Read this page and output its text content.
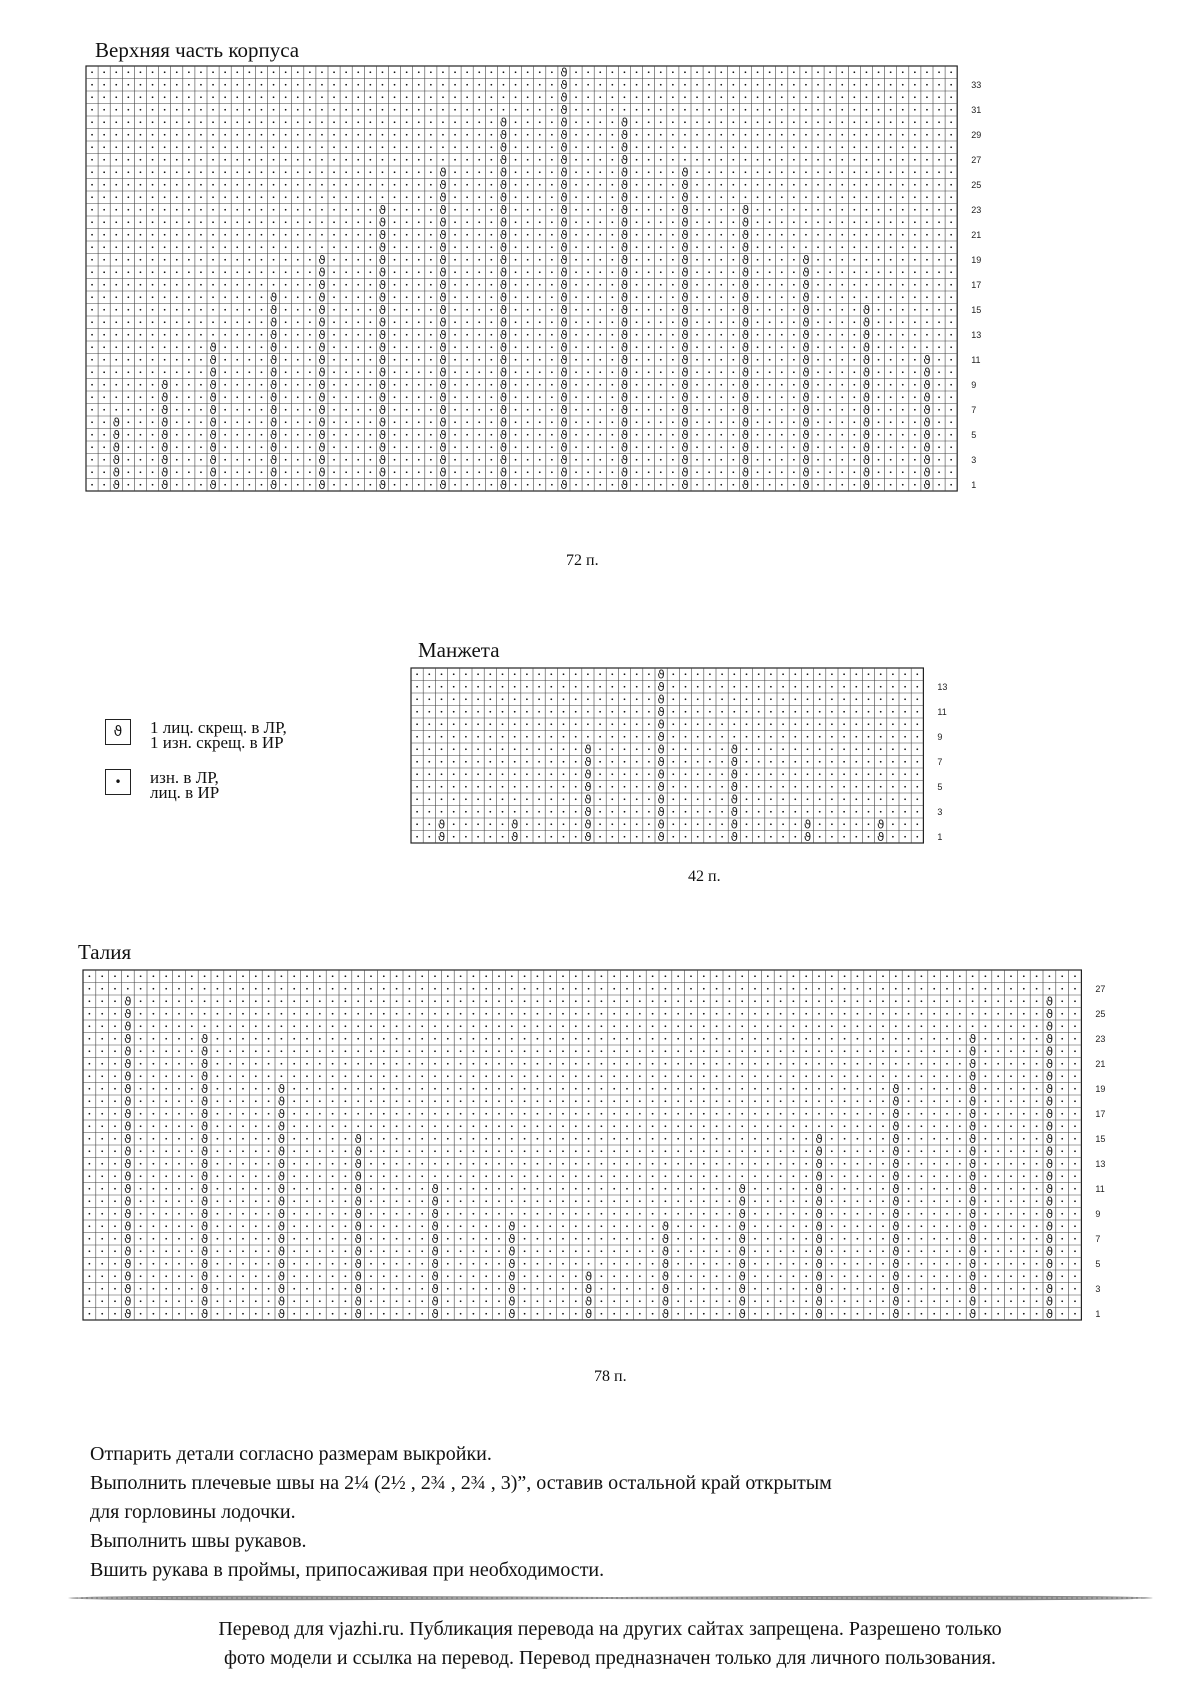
Верхняя часть корпуса
ϑ
ϑ
ϑ
ϑ
ϑ
ϑ
ϑ
ϑ
ϑ
ϑ
ϑ
ϑ
ϑ
ϑ
ϑ
ϑ
ϑ
ϑ
ϑ
ϑ
ϑ
ϑ
ϑ
ϑ
ϑ
ϑ
ϑ
ϑ
ϑ
ϑ
ϑ
ϑ
ϑ
ϑ
ϑ
ϑ
ϑ
ϑ
ϑ
ϑ
ϑ
ϑ
ϑ
ϑ
ϑ
ϑ
ϑ
ϑ
ϑ
ϑ
ϑ
ϑ
ϑ
ϑ
ϑ
ϑ
ϑ
ϑ
ϑ
ϑ
ϑ
ϑ
ϑ
ϑ
ϑ
ϑ
ϑ
ϑ
ϑ
ϑ
ϑ
ϑ
ϑ
ϑ
ϑ
ϑ
ϑ
ϑ
ϑ
ϑ
ϑ
ϑ
ϑ
ϑ
ϑ
ϑ
ϑ
ϑ
ϑ
ϑ
ϑ
ϑ
ϑ
ϑ
ϑ
ϑ
ϑ
ϑ
ϑ
ϑ
ϑ
ϑ
ϑ
ϑ
ϑ
ϑ
ϑ
ϑ
ϑ
ϑ
ϑ
ϑ
ϑ
ϑ
ϑ
ϑ
ϑ
ϑ
ϑ
ϑ
ϑ
ϑ
ϑ
ϑ
ϑ
ϑ
ϑ
ϑ
ϑ
ϑ
ϑ
ϑ
ϑ
ϑ
ϑ
ϑ
ϑ
ϑ
ϑ
ϑ
ϑ
ϑ
ϑ
ϑ
ϑ
ϑ
ϑ
ϑ
ϑ
ϑ
ϑ
ϑ
ϑ
ϑ
ϑ
ϑ
ϑ
ϑ
ϑ
ϑ
ϑ
ϑ
ϑ
ϑ
ϑ
ϑ
ϑ
ϑ
ϑ
ϑ
ϑ
ϑ
ϑ
ϑ
ϑ
ϑ
ϑ
ϑ
ϑ
ϑ
ϑ
ϑ
ϑ
ϑ
ϑ
ϑ
ϑ
ϑ
ϑ
ϑ
ϑ
ϑ
ϑ
ϑ
ϑ
ϑ
ϑ
ϑ
ϑ
ϑ
ϑ
ϑ
ϑ
ϑ
ϑ
ϑ
ϑ
ϑ
ϑ
ϑ
ϑ
ϑ
ϑ
ϑ
ϑ
ϑ
ϑ
ϑ
ϑ
ϑ
ϑ
ϑ
ϑ
ϑ
ϑ
ϑ
ϑ
ϑ
ϑ
ϑ
ϑ
ϑ
ϑ
ϑ
ϑ
ϑ
ϑ
ϑ
ϑ
ϑ
ϑ
ϑ
ϑ
ϑ
ϑ
ϑ
ϑ
ϑ
ϑ
ϑ
ϑ
ϑ
ϑ
ϑ
ϑ
ϑ
ϑ
ϑ
ϑ
ϑ
ϑ
ϑ
ϑ
ϑ
ϑ
ϑ
ϑ
ϑ
ϑ
ϑ
ϑ
ϑ
ϑ
ϑ
ϑ
ϑ
ϑ
ϑ
ϑ
ϑ
ϑ
ϑ
ϑ
ϑ
ϑ
ϑ
ϑ
ϑ
ϑ
ϑ
ϑ
ϑ
ϑ
ϑ
ϑ
ϑ
ϑ
ϑ
ϑ
33
31
29
27
25
23
21
19
17
15
13
11
9
7
5
3
1
72 п.
ϑ	1 лиц. скрещ. в ЛР,
1 изн. скрещ. в ИР
•	изн. в ЛР,
лиц. в ИР
Манжета
ϑ
ϑ
ϑ
ϑ
ϑ
ϑ
ϑ
ϑ
ϑ
ϑ
ϑ
ϑ
ϑ
ϑ
ϑ
ϑ
ϑ
ϑ
ϑ
ϑ
ϑ
ϑ
ϑ
ϑ
ϑ
ϑ
ϑ
ϑ
ϑ
ϑ
ϑ
ϑ
ϑ
ϑ
ϑ
ϑ
ϑ
ϑ
13
11
9
7
5
3
1
42 п.
Талия
ϑ
ϑ
ϑ
ϑ
ϑ
ϑ
ϑ
ϑ
ϑ
ϑ
ϑ
ϑ
ϑ
ϑ
ϑ
ϑ
ϑ
ϑ
ϑ
ϑ
ϑ
ϑ
ϑ
ϑ
ϑ
ϑ
ϑ
ϑ
ϑ
ϑ
ϑ
ϑ
ϑ
ϑ
ϑ
ϑ
ϑ
ϑ
ϑ
ϑ
ϑ
ϑ
ϑ
ϑ
ϑ
ϑ
ϑ
ϑ
ϑ
ϑ
ϑ
ϑ
ϑ
ϑ
ϑ
ϑ
ϑ
ϑ
ϑ
ϑ
ϑ
ϑ
ϑ
ϑ
ϑ
ϑ
ϑ
ϑ
ϑ
ϑ
ϑ
ϑ
ϑ
ϑ
ϑ
ϑ
ϑ
ϑ
ϑ
ϑ
ϑ
ϑ
ϑ
ϑ
ϑ
ϑ
ϑ
ϑ
ϑ
ϑ
ϑ
ϑ
ϑ
ϑ
ϑ
ϑ
ϑ
ϑ
ϑ
ϑ
ϑ
ϑ
ϑ
ϑ
ϑ
ϑ
ϑ
ϑ
ϑ
ϑ
ϑ
ϑ
ϑ
ϑ
ϑ
ϑ
ϑ
ϑ
ϑ
ϑ
ϑ
ϑ
ϑ
ϑ
ϑ
ϑ
ϑ
ϑ
ϑ
ϑ
ϑ
ϑ
ϑ
ϑ
ϑ
ϑ
ϑ
ϑ
ϑ
ϑ
ϑ
ϑ
ϑ
ϑ
ϑ
ϑ
ϑ
ϑ
ϑ
ϑ
ϑ
ϑ
ϑ
ϑ
ϑ
ϑ
ϑ
ϑ
ϑ
ϑ
ϑ
ϑ
ϑ
ϑ
ϑ
ϑ
ϑ
ϑ
ϑ
ϑ
ϑ
ϑ
ϑ
ϑ
ϑ
ϑ
ϑ
ϑ
ϑ
ϑ
ϑ
ϑ
ϑ
ϑ
ϑ
ϑ
ϑ
ϑ
ϑ
ϑ
ϑ
ϑ
ϑ
ϑ
ϑ
ϑ
ϑ
ϑ
ϑ
ϑ
ϑ
ϑ
ϑ
ϑ
ϑ
ϑ
ϑ
ϑ
27
25
23
21
19
17
15
13
11
9
7
5
3
1
78 п.

Отпарить детали согласно размерам выкройки.

Выполнить плечевые швы на 2¼ (2½ , 2¾ , 2¾ , 3)”, оставив остальной край открытым

для горловины лодочки.

Выполнить швы рукавов.

Вшить рукава в проймы, припосаживая при необходимости.

Перевод для vjazhi.ru. Публикация перевода на других сайтах запрещена. Разрешено только

фото модели и ссылка на перевод. Перевод предназначен только для личного пользования.
